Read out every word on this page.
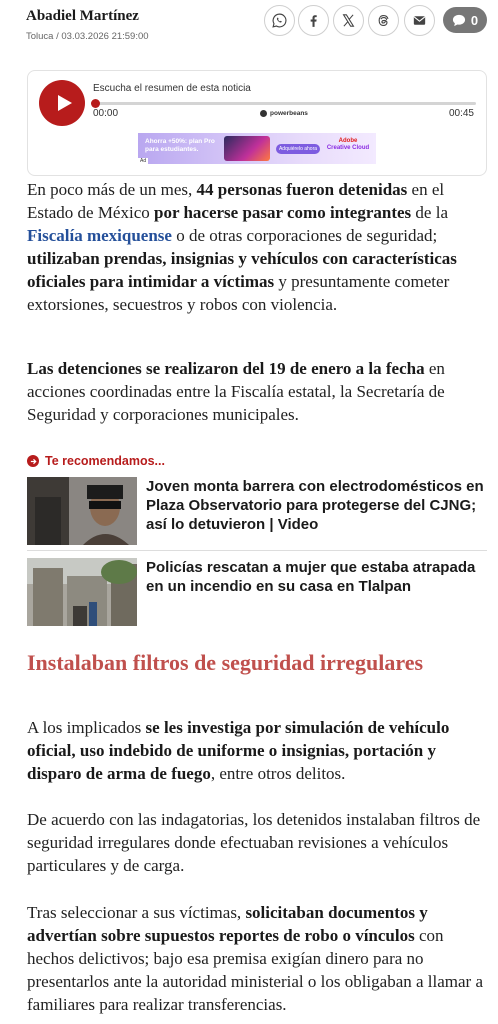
Abadiel Martínez
Toluca / 03.03.2026 21:59:00
0
Escucha el resumen de esta noticia
00:00	powerbeans	00:45
Ahorra +50%: plan Pro para estudiantes.	Adquiérelo ahora
Adobe
Creative Cloud
Ad

En poco más de un mes, 44 personas fueron detenidas en el Estado de México por hacerse pasar como integrantes de la Fiscalía mexiquense o de otras corporaciones de seguridad; utilizaban prendas, insignias y vehículos con características oficiales para intimidar a víctimas y presuntamente cometer extorsiones, secuestros y robos con violencia.

Las detenciones se realizaron del 19 de enero a la fecha en acciones coordinadas entre la Fiscalía estatal, la Secretaría de Seguridad y corporaciones municipales.

Te recomendamos...
Joven monta barrera con electrodomésticos en Plaza Observatorio para protegerse del CJNG; así lo detuvieron | Video
Policías rescatan a mujer que estaba atrapada en un incendio en su casa en Tlalpan
Instalaban filtros de seguridad irregulares

A los implicados se les investiga por simulación de vehículo oficial, uso indebido de uniforme o insignias, portación y disparo de arma de fuego, entre otros delitos.

De acuerdo con las indagatorias, los detenidos instalaban filtros de seguridad irregulares donde efectuaban revisiones a vehículos particulares y de carga.

Tras seleccionar a sus víctimas, solicitaban documentos y advertían sobre supuestos reportes de robo o vínculos con hechos delictivos; bajo esa premisa exigían dinero para no presentarlos ante la autoridad ministerial o los obligaban a llamar a familiares para realizar transferencias.
